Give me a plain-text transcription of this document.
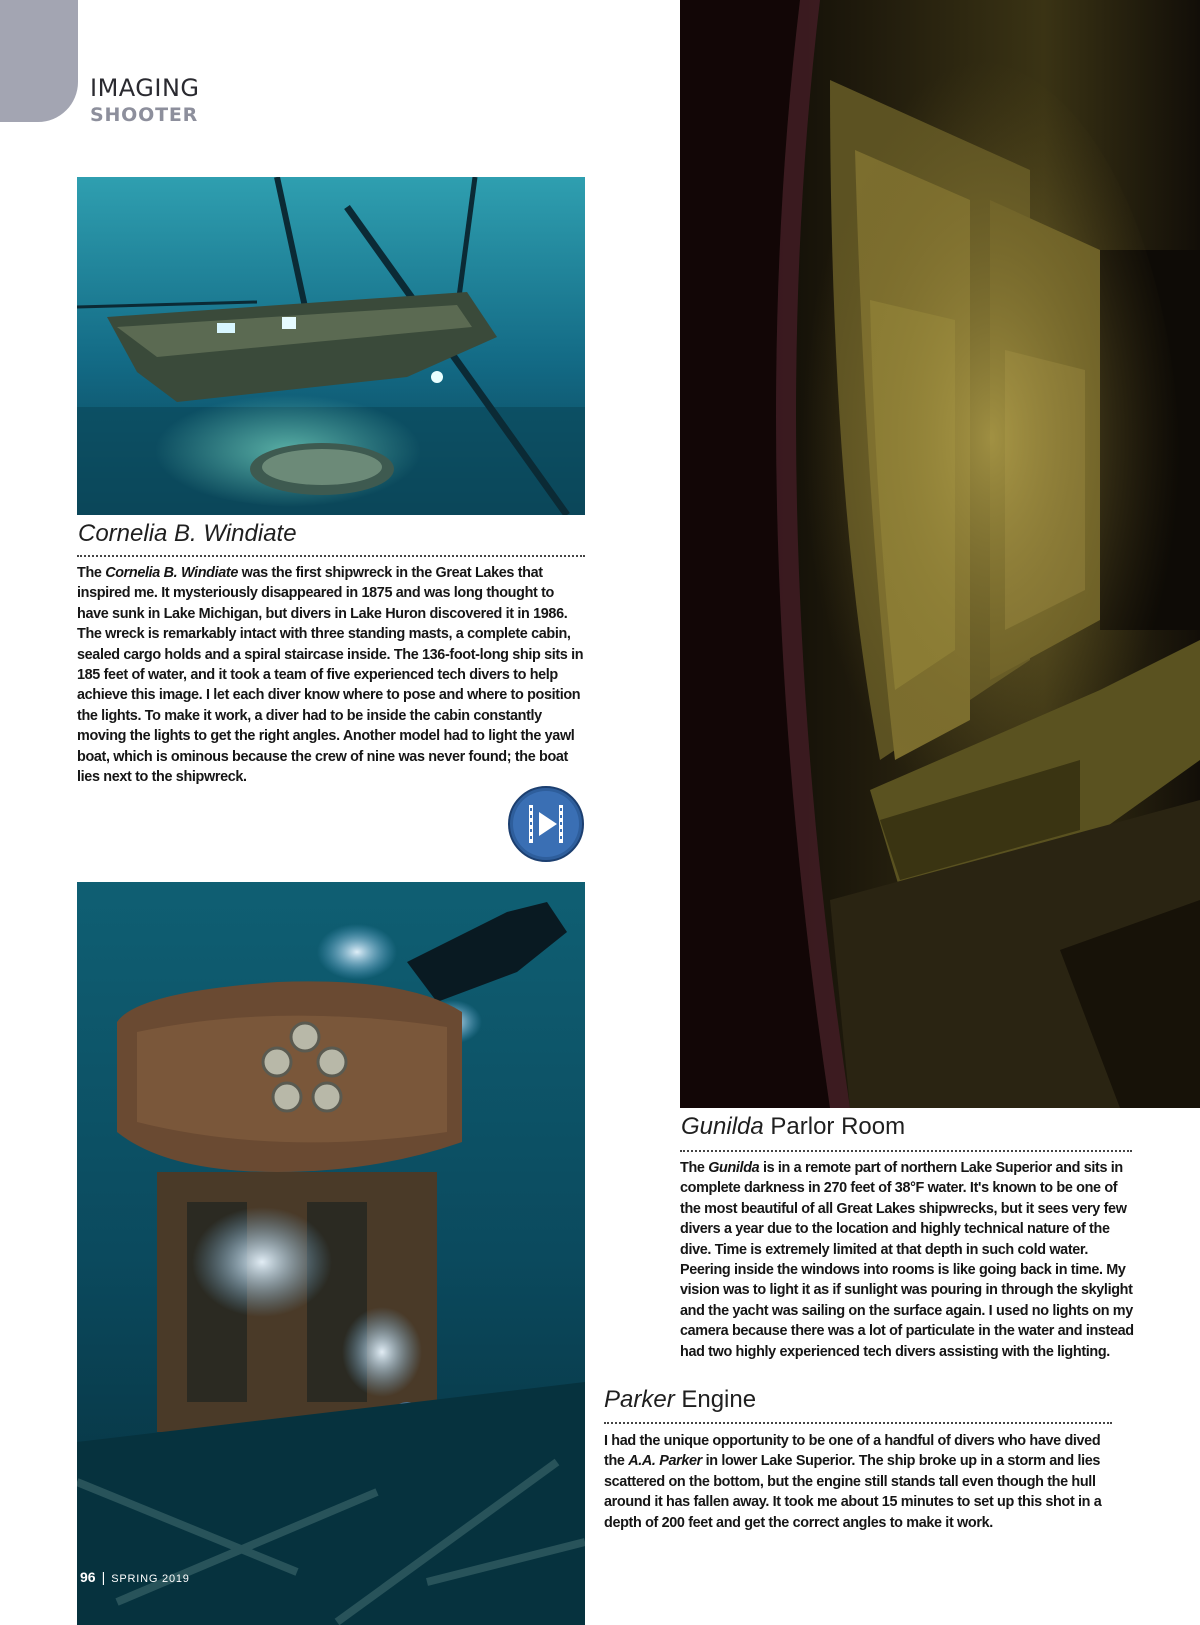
IMAGING
SHOOTER
Cornelia B. Windiate

The Cornelia B. Windiate was the first shipwreck in the Great Lakes that inspired me. It mysteriously disappeared in 1875 and was long thought to have sunk in Lake Michigan, but divers in Lake Huron discovered it in 1986. The wreck is remarkably intact with three standing masts, a complete cabin, sealed cargo holds and a spiral staircase inside. The 136-foot-long ship sits in 185 feet of water, and it took a team of five experienced tech divers to help achieve this image. I let each diver know where to pose and where to position the lights. To make it work, a diver had to be inside the cabin constantly moving the lights to get the right angles. Another model had to light the yawl boat, which is ominous because the crew of nine was never found; the boat lies next to the shipwreck.

Gunilda Parlor Room

The Gunilda is in a remote part of northern Lake Superior and sits in complete darkness in 270 feet of 38°F water. It's known to be one of the most beautiful of all Great Lakes shipwrecks, but it sees very few divers a year due to the location and highly technical nature of the dive. Time is extremely limited at that depth in such cold water. Peering inside the windows into rooms is like going back in time. My vision was to light it as if sunlight was pouring in through the skylight and the yacht was sailing on the surface again. I used no lights on my camera because there was a lot of particulate in the water and instead had two highly experienced tech divers assisting with the lighting.

Parker Engine

I had the unique opportunity to be one of a handful of divers who have dived the A.A. Parker in lower Lake Superior. The ship broke up in a storm and lies scattered on the bottom, but the engine still stands tall even though the hull around it has fallen away. It took me about 15 minutes to set up this shot in a depth of 200 feet and get the correct angles to make it work.

96 | SPRING 2019
